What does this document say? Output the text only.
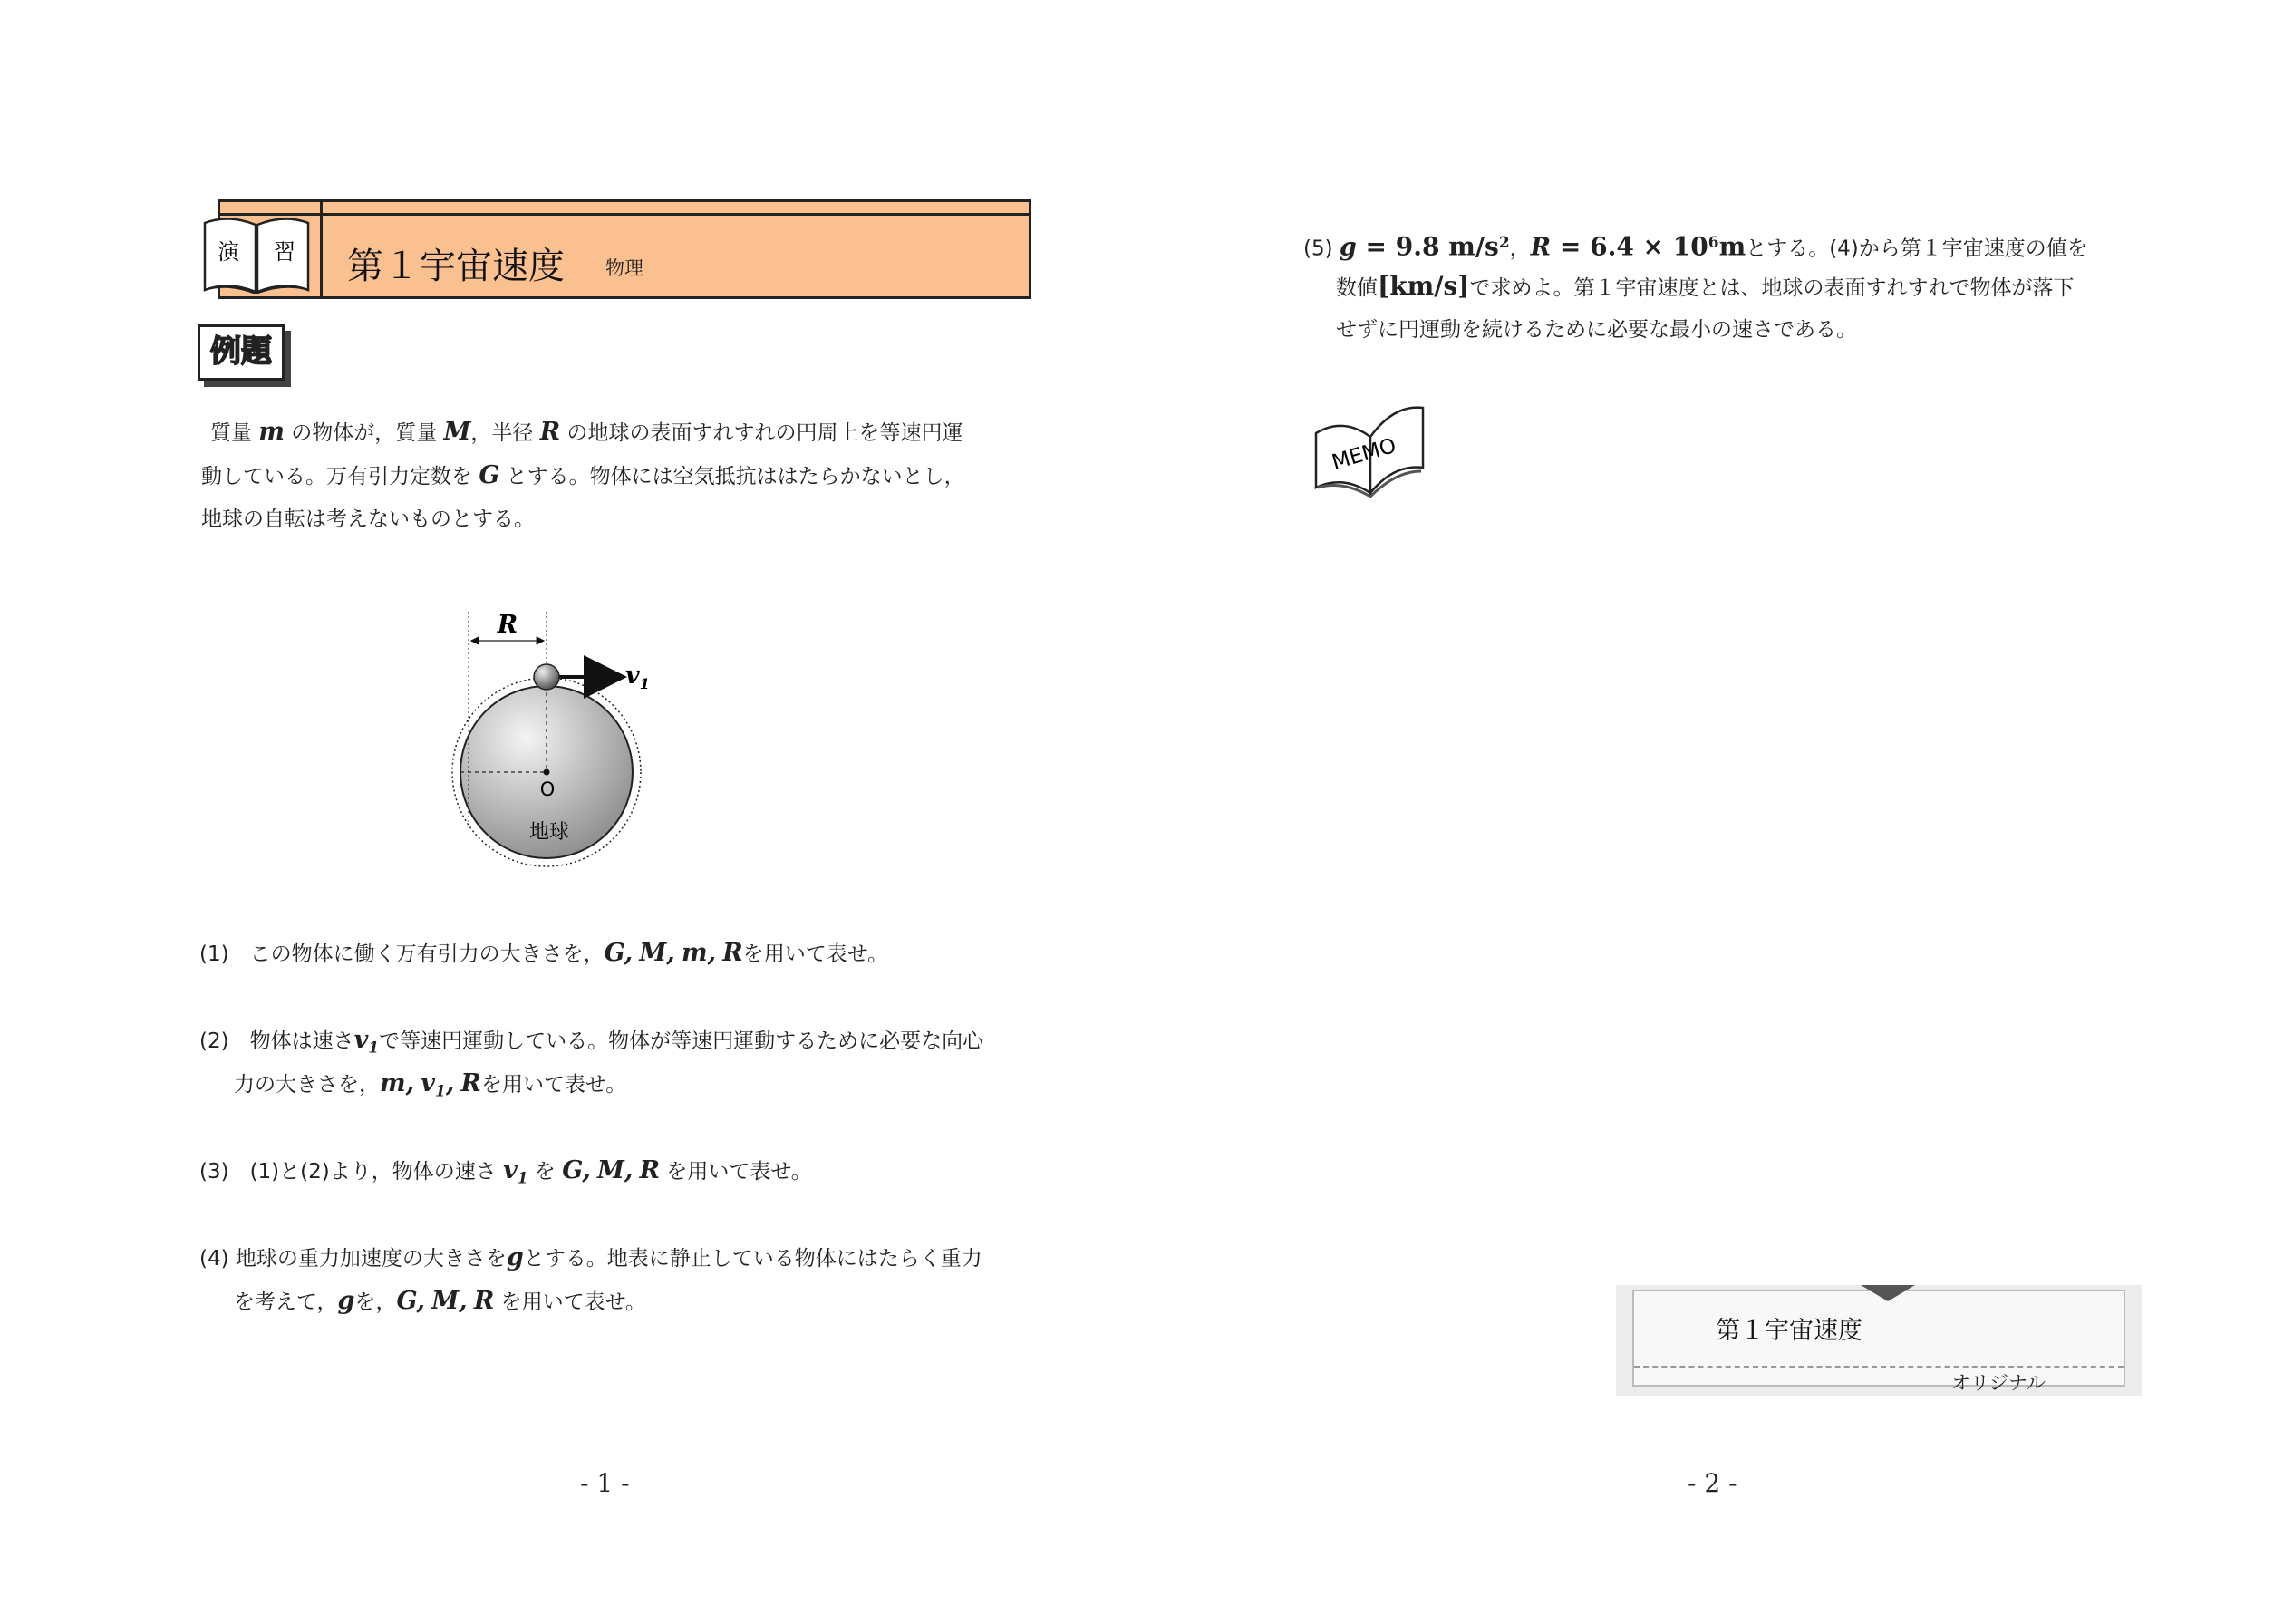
演 習 第１宇宙速度 物理
例題
質量 m の物体が，質量 M，半径 R の地球の表面すれすれの円周上を等速円運
動している。万有引力定数を G とする。物体には空気抵抗ははたらかないとし，
地球の自転は考えないものとする。
R
$v_1$
O
地球
(1)　この物体に働く万有引力の大きさを，G, M, m, Rを用いて表せ。
(2)　物体は速さ$v_1$で等速円運動している。物体が等速円運動するために必要な向心
力の大きさを，m, $v_1$, Rを用いて表せ。
(3)　(1)と(2)より，物体の速さ $v_1$ を G, M, R を用いて表せ。
(4) 地球の重力加速度の大きさをgとする。地表に静止している物体にはたらく重力
を考えて，gを，G, M, R を用いて表せ。
- 1 -
(5) g = 9.8 $m/s^2$，$R = 6.4 \times 10^6m$とする。(4)から第１宇宙速度の値を
数値[km/s]で求めよ。第１宇宙速度とは、地球の表面すれすれで物体が落下
せずに円運動を続けるために必要な最小の速さである。
MEMO
第１宇宙速度
オリジナル
- 2 -
